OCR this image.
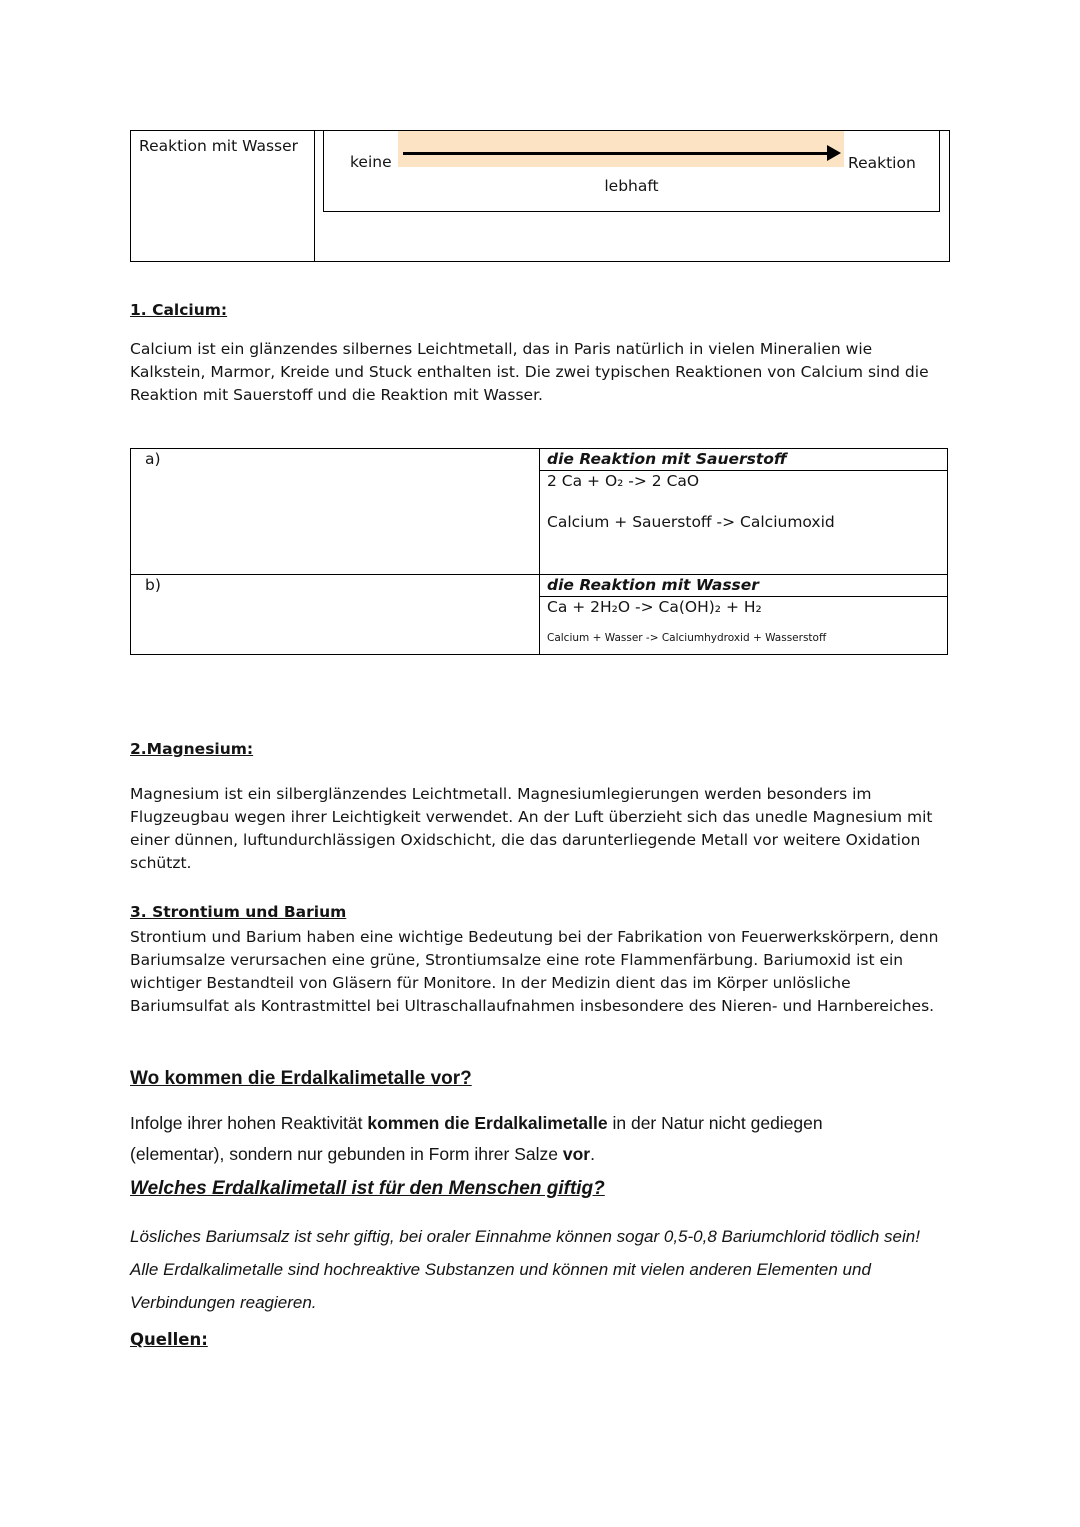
Reaktion mit Wasser
keine	Reaktion
lebhaft
1. Calcium:
Calcium ist ein glänzendes silbernes Leichtmetall, das in Paris natürlich in vielen Mineralien wie Kalkstein, Marmor, Kreide und Stuck enthalten ist. Die zwei typischen Reaktionen von Calcium sind die Reaktion mit Sauerstoff und die Reaktion mit Wasser.
a)	die Reaktion mit Sauerstoff

	2 Ca + O₂ -> 2 CaO
Calcium + Sauerstoff -> Calciumoxid

b)	die Reaktion mit Wasser

	Ca + 2H₂O -> Ca(OH)₂ + H₂
Calcium + Wasser -> Calciumhydroxid + Wasserstoff
2.Magnesium:
Magnesium ist ein silberglänzendes Leichtmetall. Magnesiumlegierungen werden besonders im Flugzeugbau wegen ihrer Leichtigkeit verwendet. An der Luft überzieht sich das unedle Magnesium mit einer dünnen, luftundurchlässigen Oxidschicht, die das darunterliegende Metall vor weitere Oxidation schützt.
3. Strontium und Barium
Strontium und Barium haben eine wichtige Bedeutung bei der Fabrikation von Feuerwerkskörpern, denn Bariumsalze verursachen eine grüne, Strontiumsalze eine rote Flammenfärbung. Bariumoxid ist ein wichtiger Bestandteil von Gläsern für Monitore. In der Medizin dient das im Körper unlösliche Bariumsulfat als Kontrastmittel bei Ultraschallaufnahmen insbesondere des Nieren- und Harnbereiches.
Wo kommen die Erdalkalimetalle vor?
Infolge ihrer hohen Reaktivität kommen die Erdalkalimetalle in der Natur nicht gediegen (elementar), sondern nur gebunden in Form ihrer Salze vor.
Welches Erdalkalimetall ist für den Menschen giftig?
Lösliches Bariumsalz ist sehr giftig, bei oraler Einnahme können sogar 0,5-0,8 Bariumchlorid tödlich sein! Alle Erdalkalimetalle sind hochreaktive Substanzen und können mit vielen anderen Elementen und Verbindungen reagieren.
Quellen:
